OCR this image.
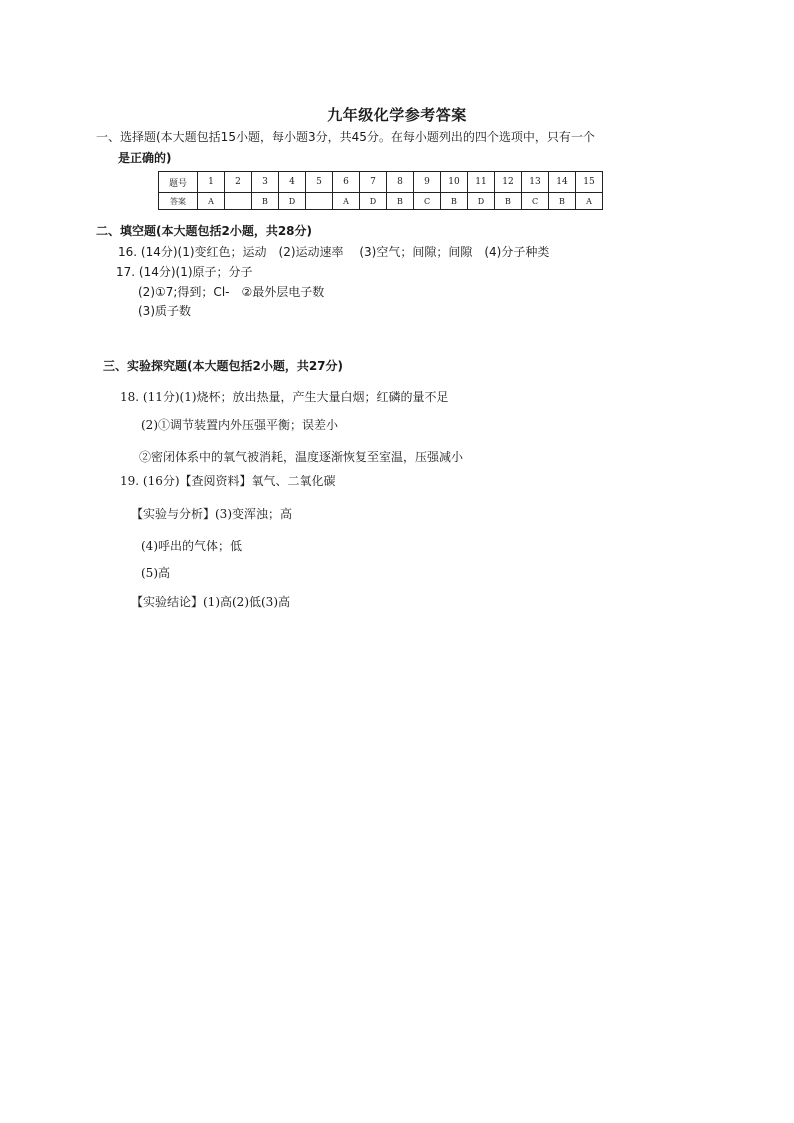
九年级化学参考答案
一、选择题(本大题包括15小题，每小题3分，共45分。在每小题列出的四个选项中，只有一个
是正确的)
题号	1	2	3	4	5	6	7	8	9	10	11	12	13	14	15
答案	A		B	D		A	D	B	C	B	D	B	C	B	A
二、填空题(本大题包括2小题，共28分)
16. (14分)(1)变红色；运动　(2)运动速率　 (3)空气；间隙；间隙　(4)分子种类
17. (14分)(1)原子；分子
(2)①7;得到；Cl-　②最外层电子数
(3)质子数
三、实验探究题(本大题包括2小题，共27分)
18. (11分)(1)烧杯；放出热量，产生大量白烟；红磷的量不足
(2)①调节装置内外压强平衡；误差小
②密闭体系中的氧气被消耗，温度逐渐恢复至室温，压强减小
19. (16分)【查阅资料】氧气、二氧化碳
【实验与分析】(3)变浑浊；高
(4)呼出的气体；低
(5)高
【实验结论】(1)高(2)低(3)高
